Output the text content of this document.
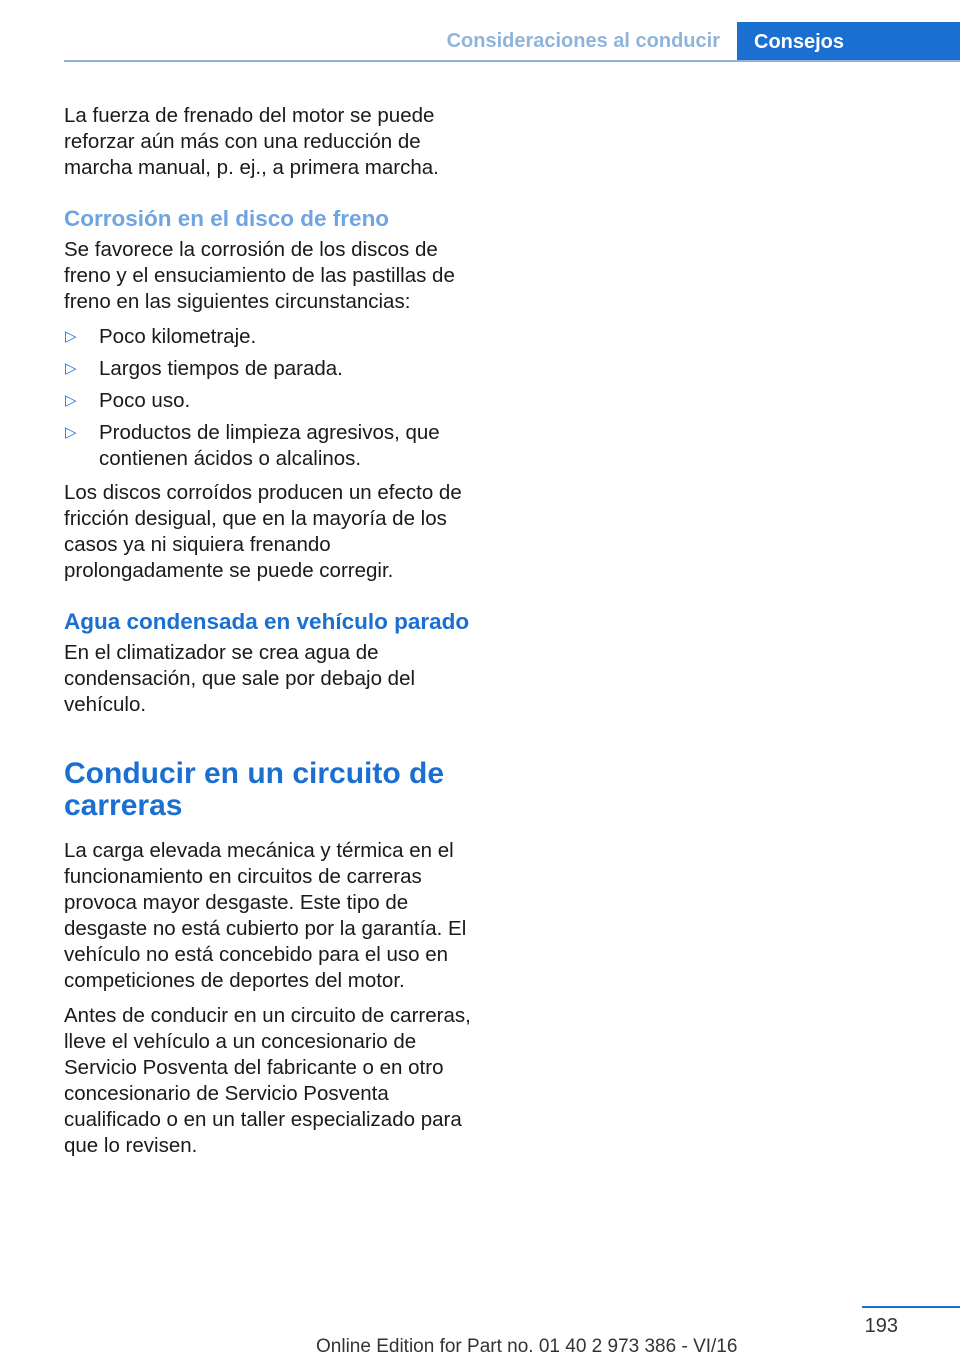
Consideraciones al conducir	Consejos

La fuerza de frenado del motor se puede reforzar aún más con una reducción de marcha manual, p. ej., a primera marcha.

Corrosión en el disco de freno

Se favorece la corrosión de los discos de freno y el ensuciamiento de las pastillas de freno en las siguientes circunstancias:

▷ Poco kilometraje.
▷ Largos tiempos de parada.
▷ Poco uso.
▷ Productos de limpieza agresivos, que contienen ácidos o alcalinos.

Los discos corroídos producen un efecto de fricción desigual, que en la mayoría de los casos ya ni siquiera frenando prolongadamente se puede corregir.

Agua condensada en vehículo parado

En el climatizador se crea agua de condensación, que sale por debajo del vehículo.

Conducir en un circuito de carreras

La carga elevada mecánica y térmica en el funcionamiento en circuitos de carreras provoca mayor desgaste. Este tipo de desgaste no está cubierto por la garantía. El vehículo no está concebido para el uso en competiciones de deportes del motor.

Antes de conducir en un circuito de carreras, lleve el vehículo a un concesionario de Servicio Posventa del fabricante o en otro concesionario de Servicio Posventa cualificado o en un taller especializado para que lo revisen.

193
Online Edition for Part no. 01 40 2 973 386 - VI/16
